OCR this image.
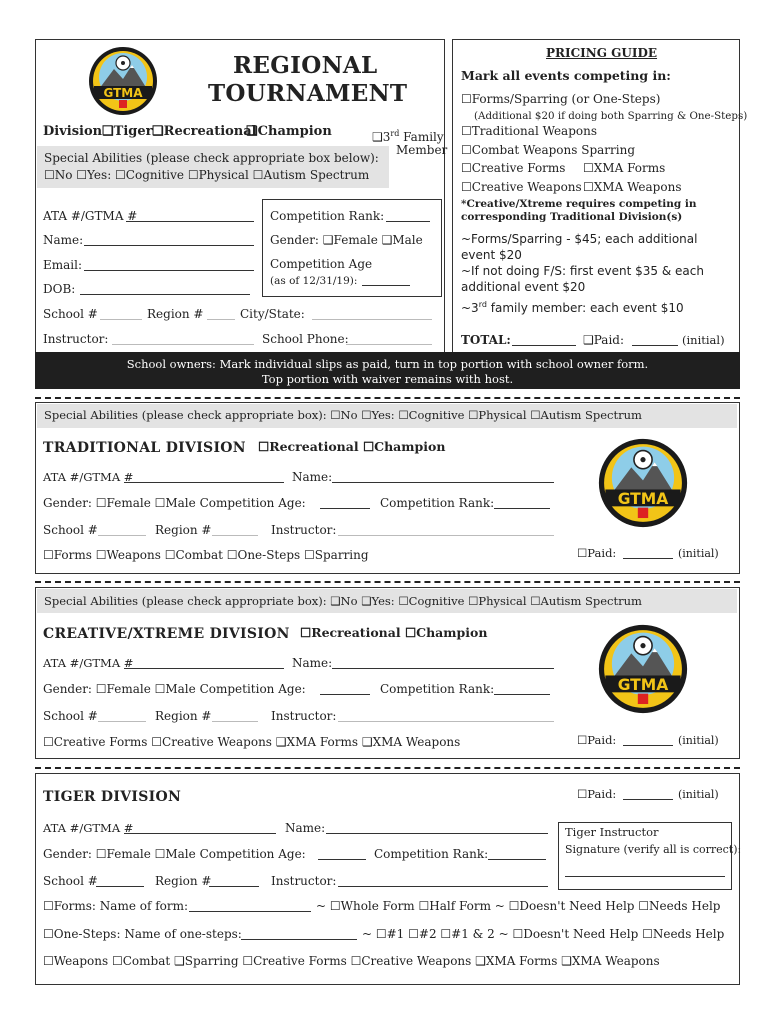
GTMA
REGIONAL
TOURNAMENT
Division ❑Tiger ❑Recreational
❑Champion	❑3rd Family
Member
Special Abilities (please check appropriate box below):
☐No ☐Yes: ☐Cognitive ☐Physical ☐Autism Spectrum
ATA #/GTMA #
Name:
Email:
DOB:
School #	Region #	City/State:
Instructor:	School Phone:
Competition Rank:
Gender: ❑Female ❑Male
Competition Age
(as of 12/31/19):
PRICING GUIDE
Mark all events competing in:
☐Forms/Sparring (or One-Steps)
(Additional $20 if doing both Sparring & One-Steps)
☐Traditional Weapons
☐Combat Weapons Sparring
☐Creative Forms ☐XMA Forms
☐Creative Weapons ☐XMA Weapons
*Creative/Xtreme requires competing in
corresponding Traditional Division(s)
~Forms/Sparring - $45; each additional
event $20
~If not doing F/S: first event $35 & each
additional event $20
~3rd family member: each event $10
TOTAL:	❑Paid:	(initial)
School owners: Mark individual slips as paid, turn in top portion with school owner form.
Top portion with waiver remains with host.
Special Abilities (please check appropriate box): ☐No ☐Yes: ☐Cognitive ☐Physical ☐Autism Spectrum
TRADITIONAL DIVISION ☐Recreational ☐Champion
ATA #/GTMA #	Name:
Gender: ☐Female ☐Male Competition Age:	Competition Rank:
School #	Region #	Instructor:
☐Forms ☐Weapons ☐Combat ☐One-Steps ☐Sparring	☐Paid:	(initial)
GTMA
Special Abilities (please check appropriate box): ❑No ❑Yes: ☐Cognitive ☐Physical ☐Autism Spectrum
CREATIVE/XTREME DIVISION ☐Recreational ☐Champion
ATA #/GTMA #	Name:
Gender: ☐Female ☐Male Competition Age:	Competition Rank:
School #	Region #	Instructor:
☐Creative Forms ☐Creative Weapons ❑XMA Forms ❑XMA Weapons	☐Paid:	(initial)
GTMA
TIGER DIVISION	☐Paid:	(initial)
ATA #/GTMA #	Name:
Gender: ☐Female ☐Male Competition Age:	Competition Rank:
School #	Region #	Instructor:
Tiger Instructor
Signature (verify all is correct):
☐Forms: Name of form:	~ ☐Whole Form ☐Half Form ~ ☐Doesn't Need Help ☐Needs Help
☐One-Steps: Name of one-steps:	~ ☐#1 ☐#2 ☐#1 & 2 ~ ☐Doesn't Need Help ☐Needs Help
☐Weapons ☐Combat ❑Sparring ☐Creative Forms ☐Creative Weapons ❑XMA Forms ❑XMA Weapons
